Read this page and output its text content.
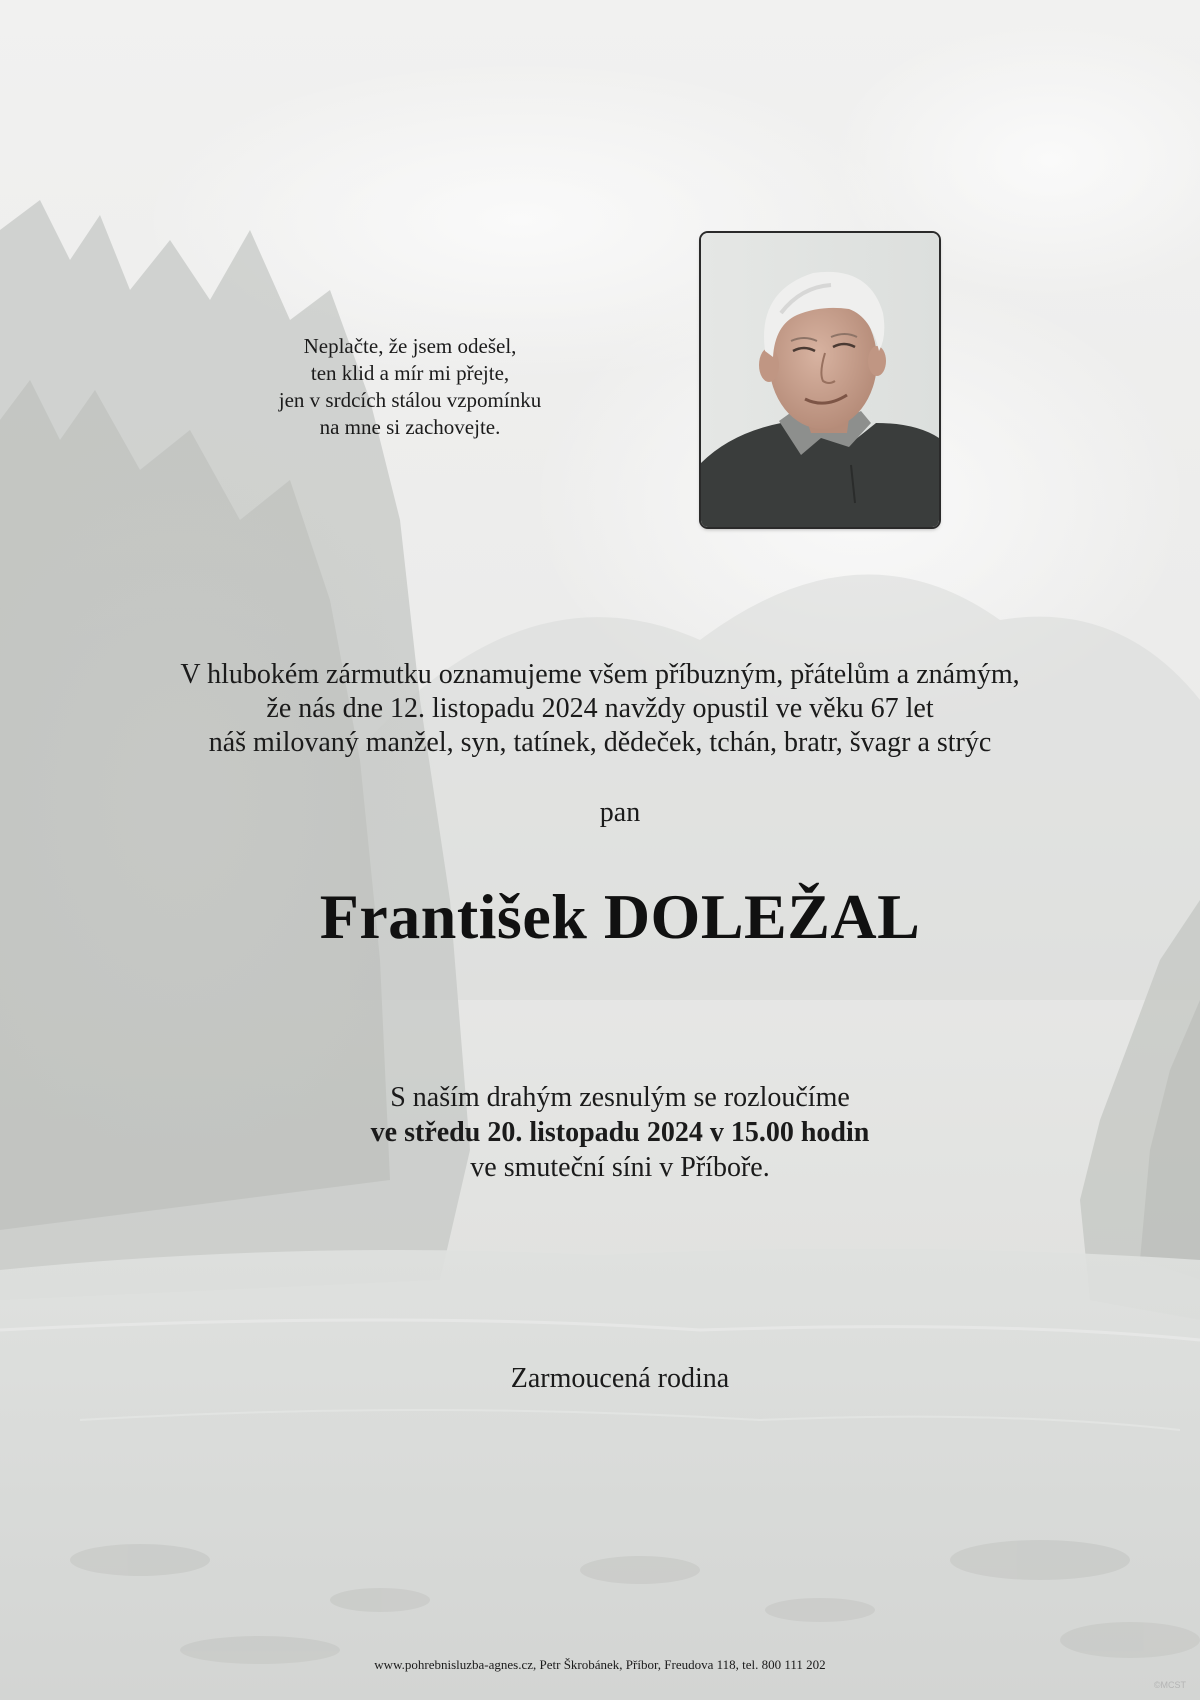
Neplačte, že jsem odešel,
ten klid a mír mi přejte,
jen v srdcích stálou vzpomínku
na mne si zachovejte.
V hlubokém zármutku oznamujeme všem příbuzným, přátelům a známým,
že nás dne 12. listopadu 2024 navždy opustil ve věku 67 let
náš milovaný manžel, syn, tatínek, dědeček, tchán, bratr, švagr a strýc
pan
František DOLEŽAL
S naším drahým zesnulým se rozloučíme
ve středu 20. listopadu 2024 v 15.00 hodin
ve smuteční síni v Příboře.
Zarmoucená rodina
www.pohrebnisluzba-agnes.cz, Petr Škrobánek, Příbor, Freudova 118, tel. 800 111 202
©MCST
